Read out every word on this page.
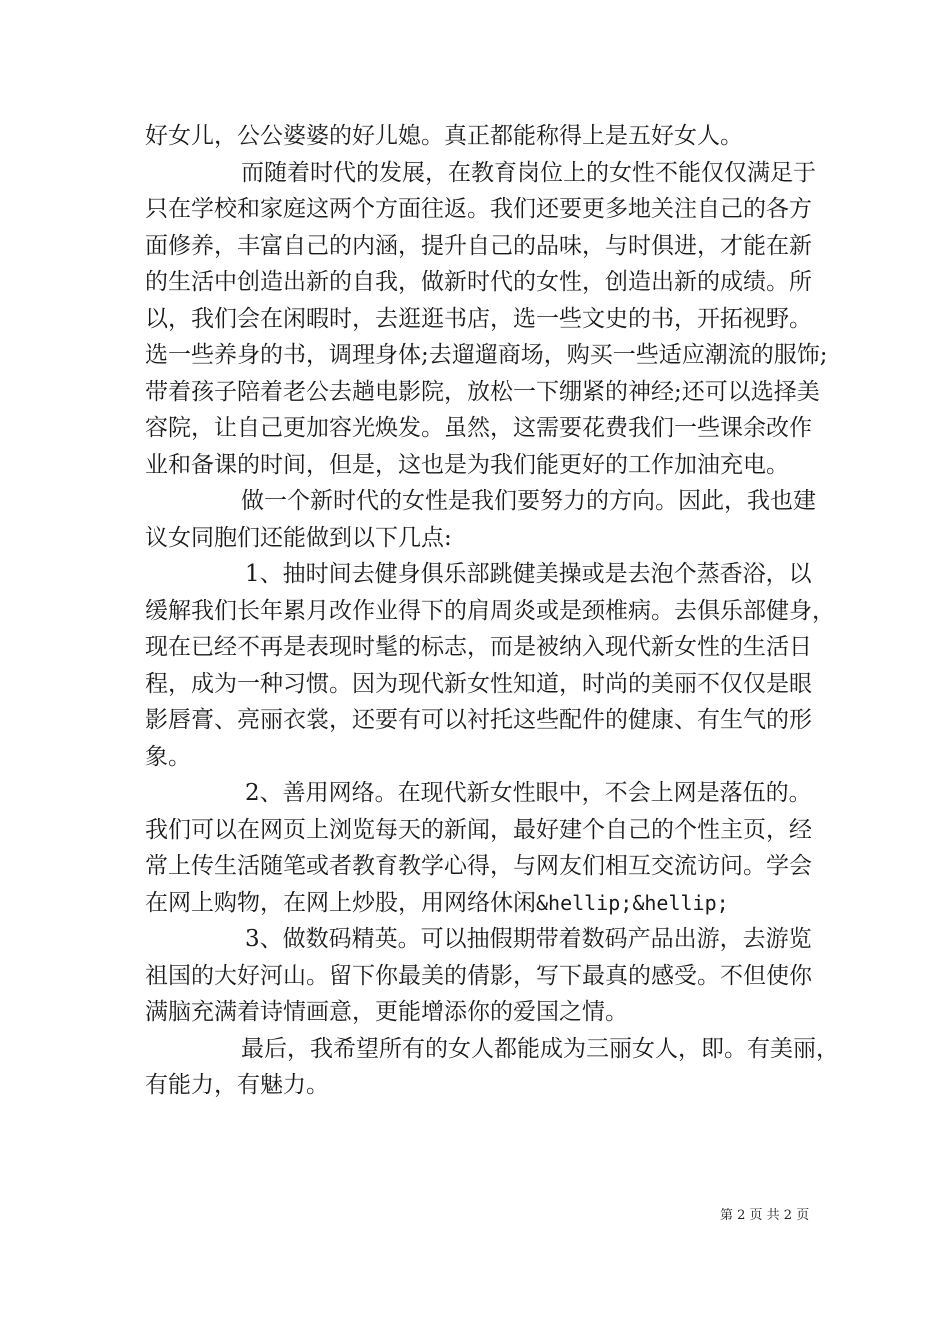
好女儿，公公婆婆的好儿媳。真正都能称得上是五好女人。
而随着时代的发展，在教育岗位上的女性不能仅仅满足于
只在学校和家庭这两个方面往返。我们还要更多地关注自己的各方
面修养，丰富自己的内涵，提升自己的品味，与时俱进，才能在新
的生活中创造出新的自我，做新时代的女性，创造出新的成绩。所
以，我们会在闲暇时，去逛逛书店，选一些文史的书，开拓视野。
选一些养身的书，调理身体;去遛遛商场，购买一些适应潮流的服饰;
带着孩子陪着老公去趟电影院，放松一下绷紧的神经;还可以选择美
容院，让自己更加容光焕发。虽然，这需要花费我们一些课余改作
业和备课的时间，但是，这也是为我们能更好的工作加油充电。
做一个新时代的女性是我们要努力的方向。因此，我也建
议女同胞们还能做到以下几点:
1、抽时间去健身俱乐部跳健美操或是去泡个蒸香浴，以
缓解我们长年累月改作业得下的肩周炎或是颈椎病。去俱乐部健身，
现在已经不再是表现时髦的标志，而是被纳入现代新女性的生活日
程，成为一种习惯。因为现代新女性知道，时尚的美丽不仅仅是眼
影唇膏、亮丽衣裳，还要有可以衬托这些配件的健康、有生气的形
象。
2、善用网络。在现代新女性眼中，不会上网是落伍的。
我们可以在网页上浏览每天的新闻，最好建个自己的个性主页，经
常上传生活随笔或者教育教学心得，与网友们相互交流访问。学会
在网上购物，在网上炒股，用网络休闲&hellip;&hellip;
3、做数码精英。可以抽假期带着数码产品出游，去游览
祖国的大好河山。留下你最美的倩影，写下最真的感受。不但使你
满脑充满着诗情画意，更能增添你的爱国之情。
最后，我希望所有的女人都能成为三丽女人，即。有美丽，
有能力，有魅力。
第 2 页 共 2 页
